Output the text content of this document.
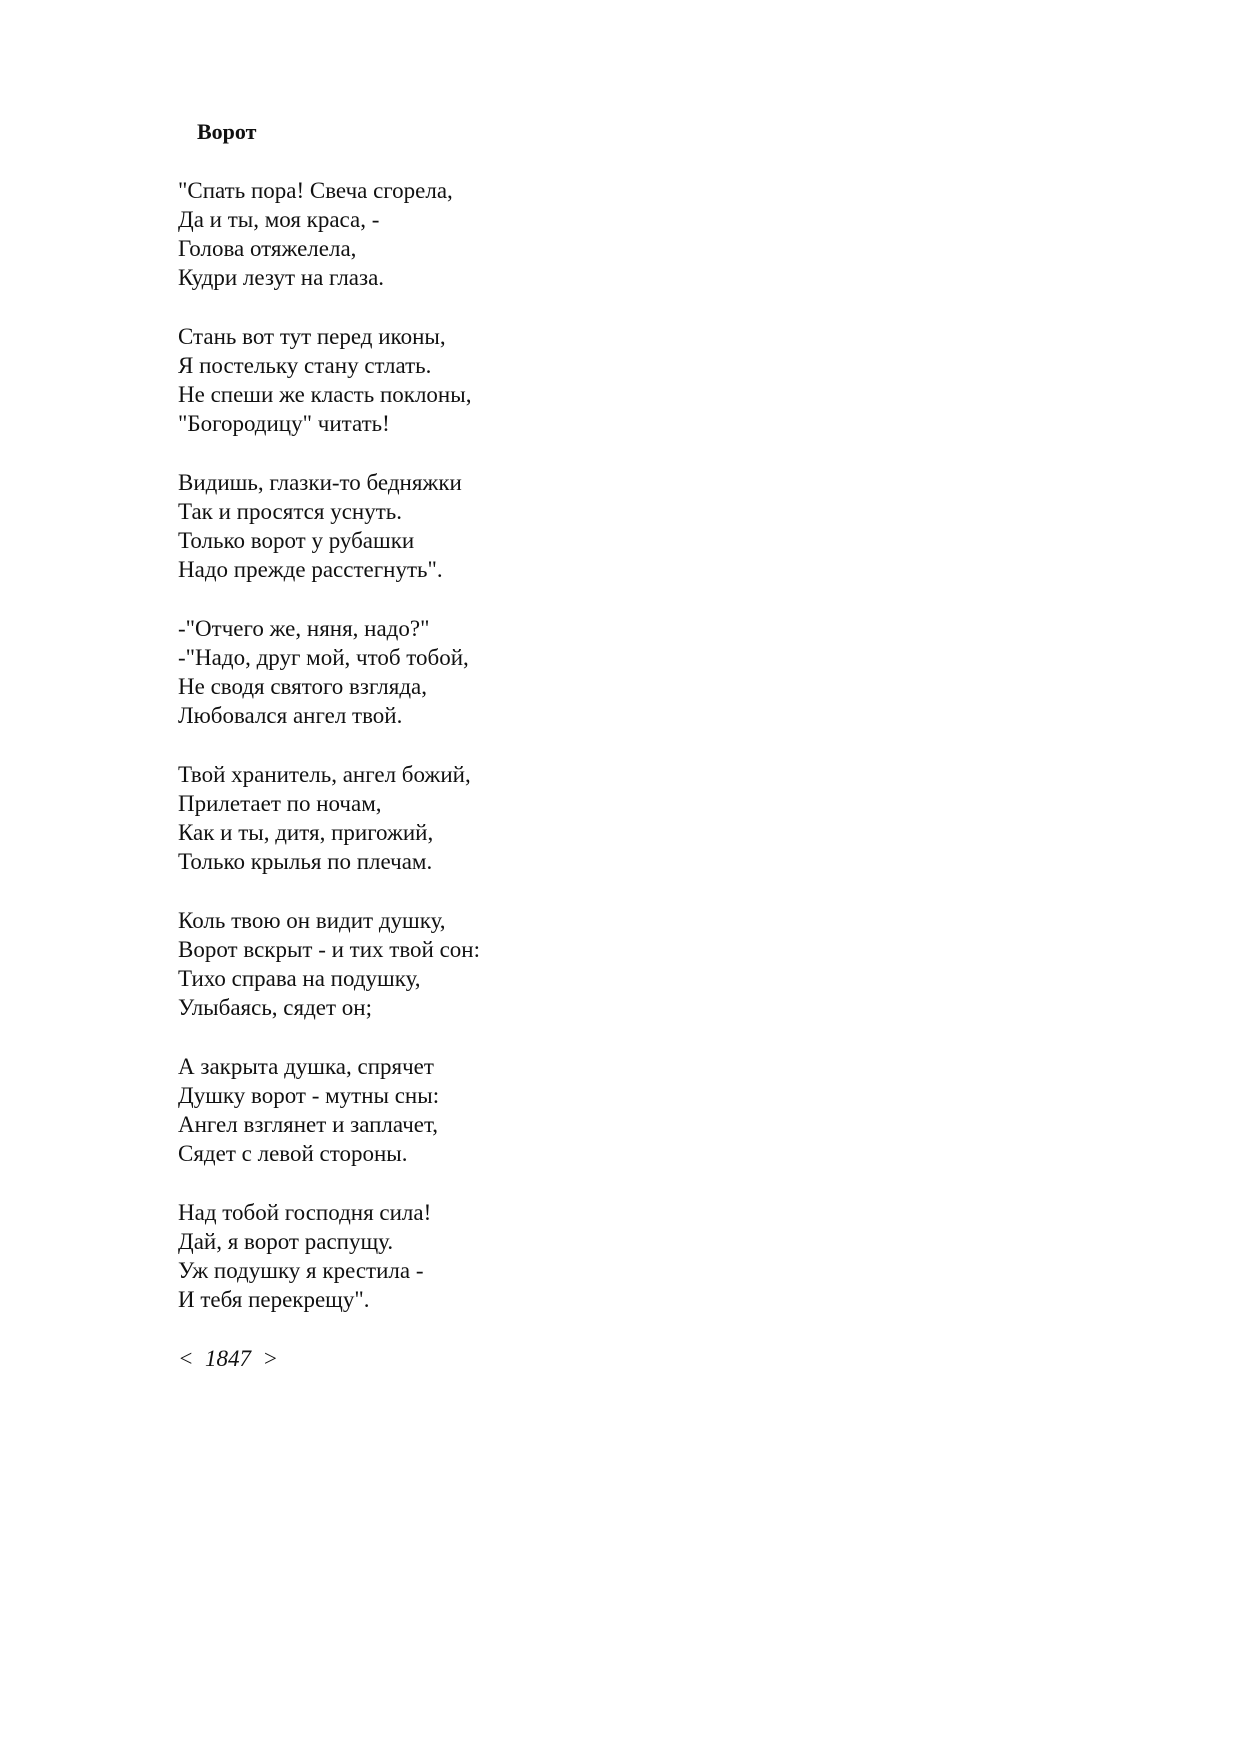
Ворот
"Спать пора! Свеча сгорела,
Да и ты, моя краса, -
Голова отяжелела,
Кудри лезут на глаза.
Стань вот тут перед иконы,
Я постельку стану стлать.
Не спеши же класть поклоны,
"Богородицу" читать!
Видишь, глазки-то бедняжки
Так и просятся уснуть.
Только ворот у рубашки
Надо прежде расстегнуть".
-"Отчего же, няня, надо?"
-"Надо, друг мой, чтоб тобой,
Не сводя святого взгляда,
Любовался ангел твой.
Твой хранитель, ангел божий,
Прилетает по ночам,
Как и ты, дитя, пригожий,
Только крылья по плечам.
Коль твою он видит душку,
Ворот вскрыт - и тих твой сон:
Тихо справа на подушку,
Улыбаясь, сядет он;
А закрыта душка, спрячет
Душку ворот - мутны сны:
Ангел взглянет и заплачет,
Сядет с левой стороны.
Над тобой господня сила!
Дай, я ворот распущу.
Уж подушку я крестила -
И тебя перекрещу".
<  1847  >
